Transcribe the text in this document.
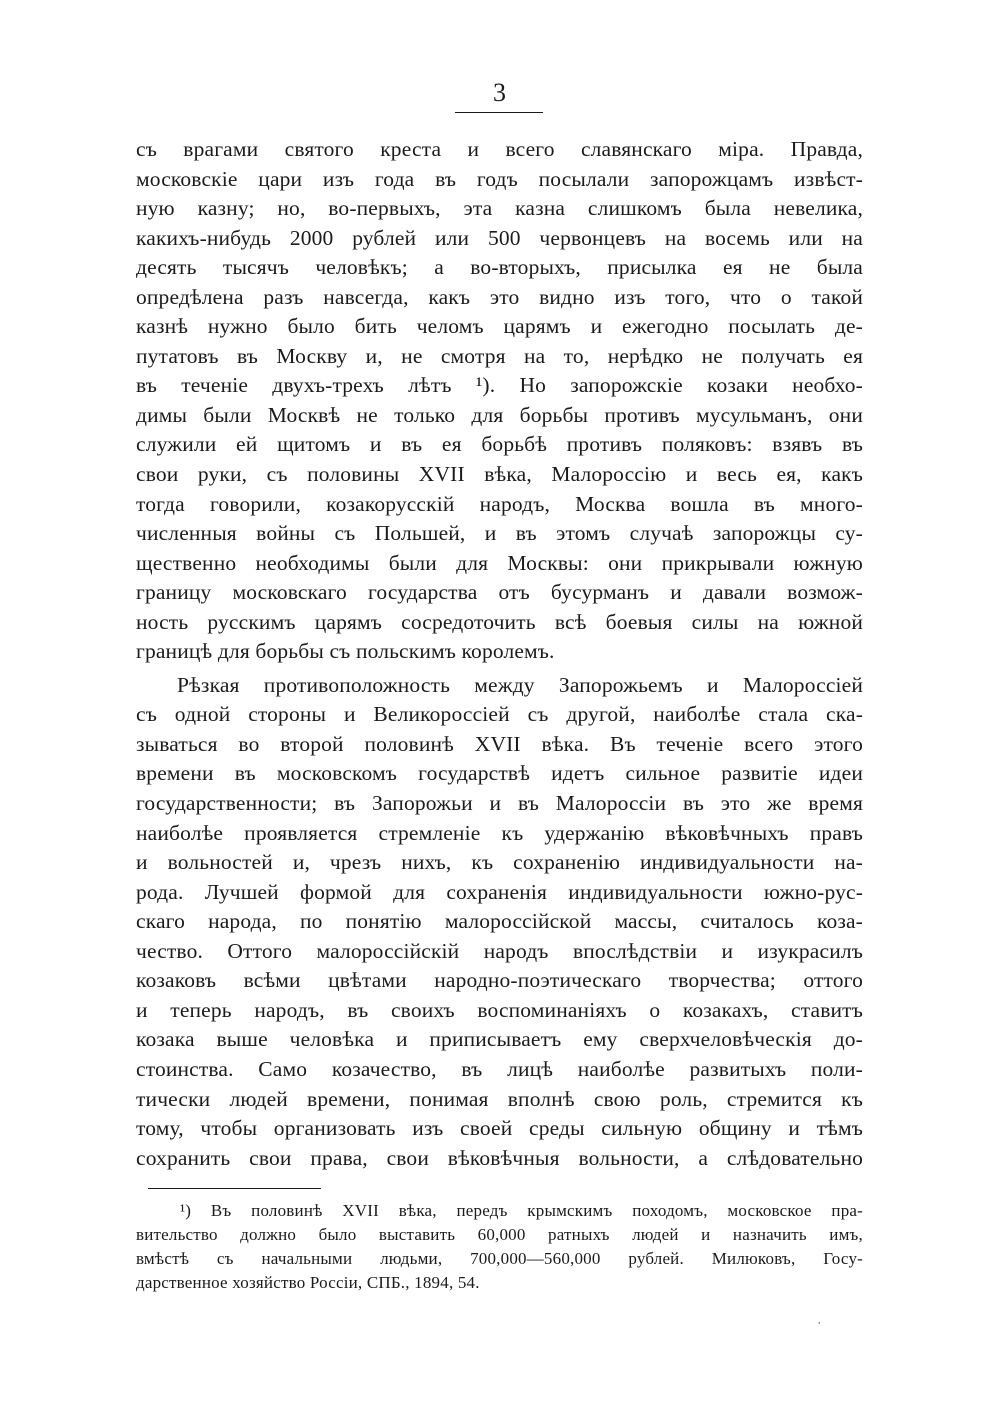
3
съ врагами святого креста и всего славянскаго міра. Правда,
московскіе цари изъ года въ годъ посылали запорожцамъ извѣст-
ную казну; но, во-первыхъ, эта казна слишкомъ была невелика,
какихъ-нибудь 2000 рублей или 500 червонцевъ на восемь или на
десять тысячъ человѣкъ; а во-вторыхъ, присылка ея не была
опредѣлена разъ навсегда, какъ это видно изъ того, что о такой
казнѣ нужно было бить челомъ царямъ и ежегодно посылать де-
путатовъ въ Москву и, не смотря на то, нерѣдко не получать ея
въ теченіе двухъ-трехъ лѣтъ ¹). Но запорожскіе козаки необхо-
димы были Москвѣ не только для борьбы противъ мусульманъ, они
служили ей щитомъ и въ ея борьбѣ противъ поляковъ: взявъ въ
свои руки, съ половины XVII вѣка, Малороссію и весь ея, какъ
тогда говорили, козакорусскій народъ, Москва вошла въ много-
численныя войны съ Польшей, и въ этомъ случаѣ запорожцы су-
щественно необходимы были для Москвы: они прикрывали южную
границу московскаго государства отъ бусурманъ и давали возмож-
ность русскимъ царямъ сосредоточить всѣ боевыя силы на южной
границѣ для борьбы съ польскимъ королемъ.
Рѣзкая противоположность между Запорожьемъ и Малороссіей
съ одной стороны и Великороссіей съ другой, наиболѣе стала ска-
зываться во второй половинѣ XVII вѣка. Въ теченіе всего этого
времени въ московскомъ государствѣ идетъ сильное развитіе идеи
государственности; въ Запорожьи и въ Малороссіи въ это же время
наиболѣе проявляется стремленіе къ удержанію вѣковѣчныхъ правъ
и вольностей и, чрезъ нихъ, къ сохраненію индивидуальности на-
рода. Лучшей формой для сохраненія индивидуальности южно-рус-
скаго народа, по понятію малороссійской массы, считалось коза-
чество. Оттого малороссійскій народъ впослѣдствіи и изукрасилъ
козаковъ всѣми цвѣтами народно-поэтическаго творчества; оттого
и теперь народъ, въ своихъ воспоминаніяхъ о козакахъ, ставитъ
козака выше человѣка и приписываетъ ему сверхчеловѣческія до-
стоинства. Само козачество, въ лицѣ наиболѣе развитыхъ поли-
тически людей времени, понимая вполнѣ свою роль, стремится къ
тому, чтобы организовать изъ своей среды сильную общину и тѣмъ
сохранить свои права, свои вѣковѣчныя вольности, а слѣдовательно
¹) Въ половинѣ XVII вѣка, передъ крымскимъ походомъ, московское пра-
вительство должно было выставить 60,000 ратныхъ людей и назначить имъ,
вмѣстѣ съ начальными людьми, 700,000—560,000 рублей. Милюковъ, Госу-
дарственное хозяйство Россіи, СПБ., 1894, 54.
ˌ
